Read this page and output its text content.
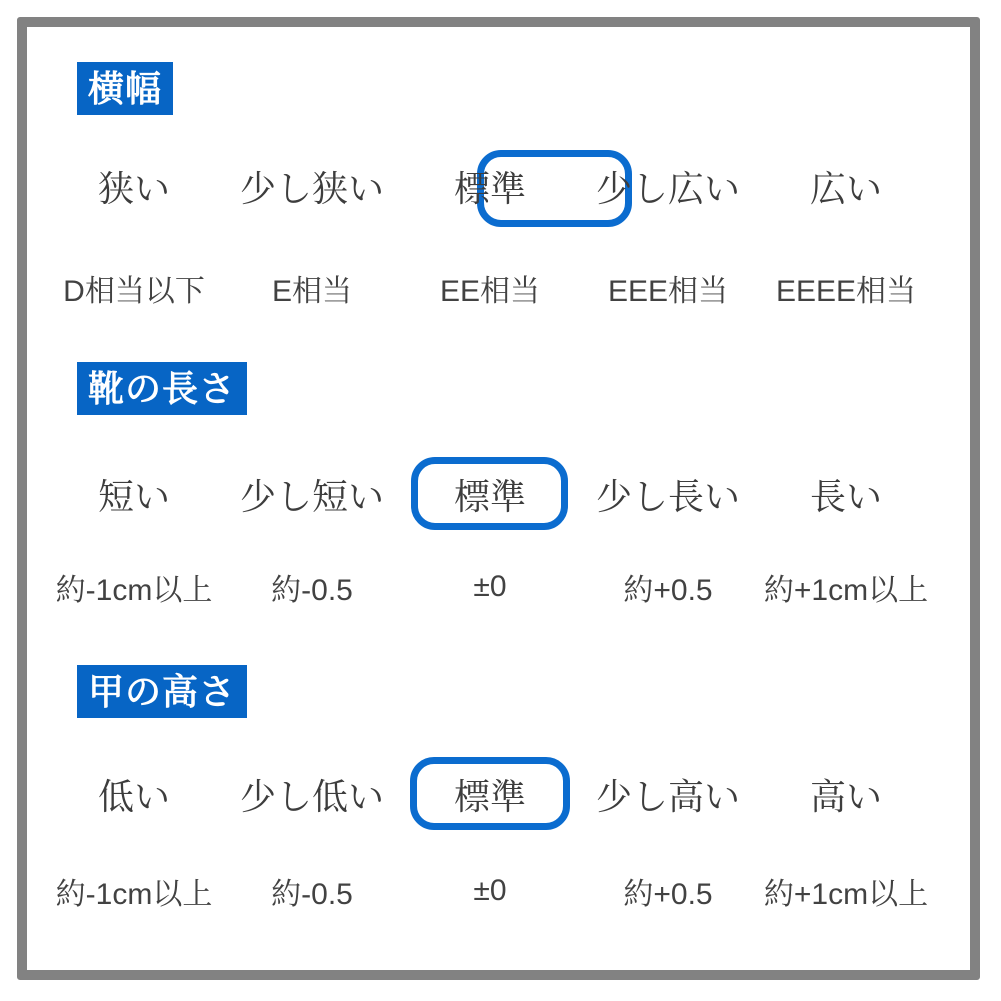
横幅
狭い	少し狭い	標準	少し広い	広い
D相当以下	E相当	EE相当	EEE相当	EEEE相当
靴の長さ
短い	少し短い	標準	少し長い	長い
約-1cm以上	約-0.5	±0	約+0.5	約+1cm以上
甲の高さ
低い	少し低い	標準	少し高い	高い
約-1cm以上	約-0.5	±0	約+0.5	約+1cm以上
